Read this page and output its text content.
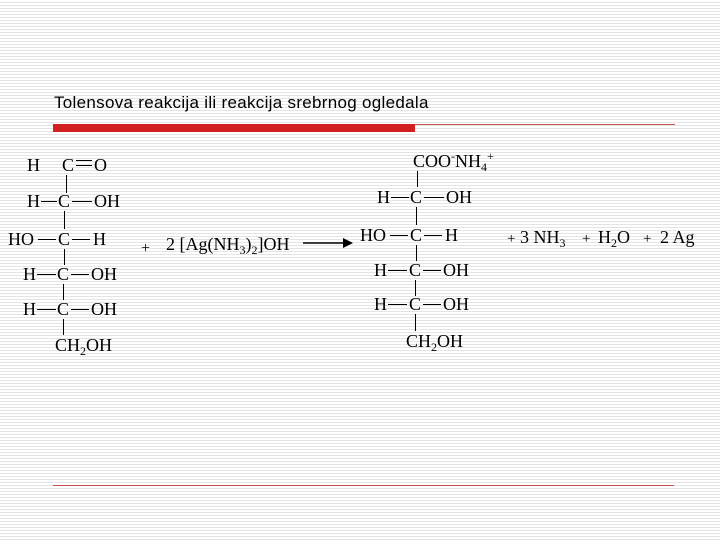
Tolensova reakcija ili reakcija srebrnog ogledala
H C O
H C OH
HO C H
H C OH
H C OH
$CH_2OH$
+ 2 $[Ag(NH_3)_2]OH$ →
$COO^-NH_4^+$
H C OH
HO C H
H C OH
H C OH
$CH_2OH$
+ 3 $NH_3 + H_2O + 2$ Ag
